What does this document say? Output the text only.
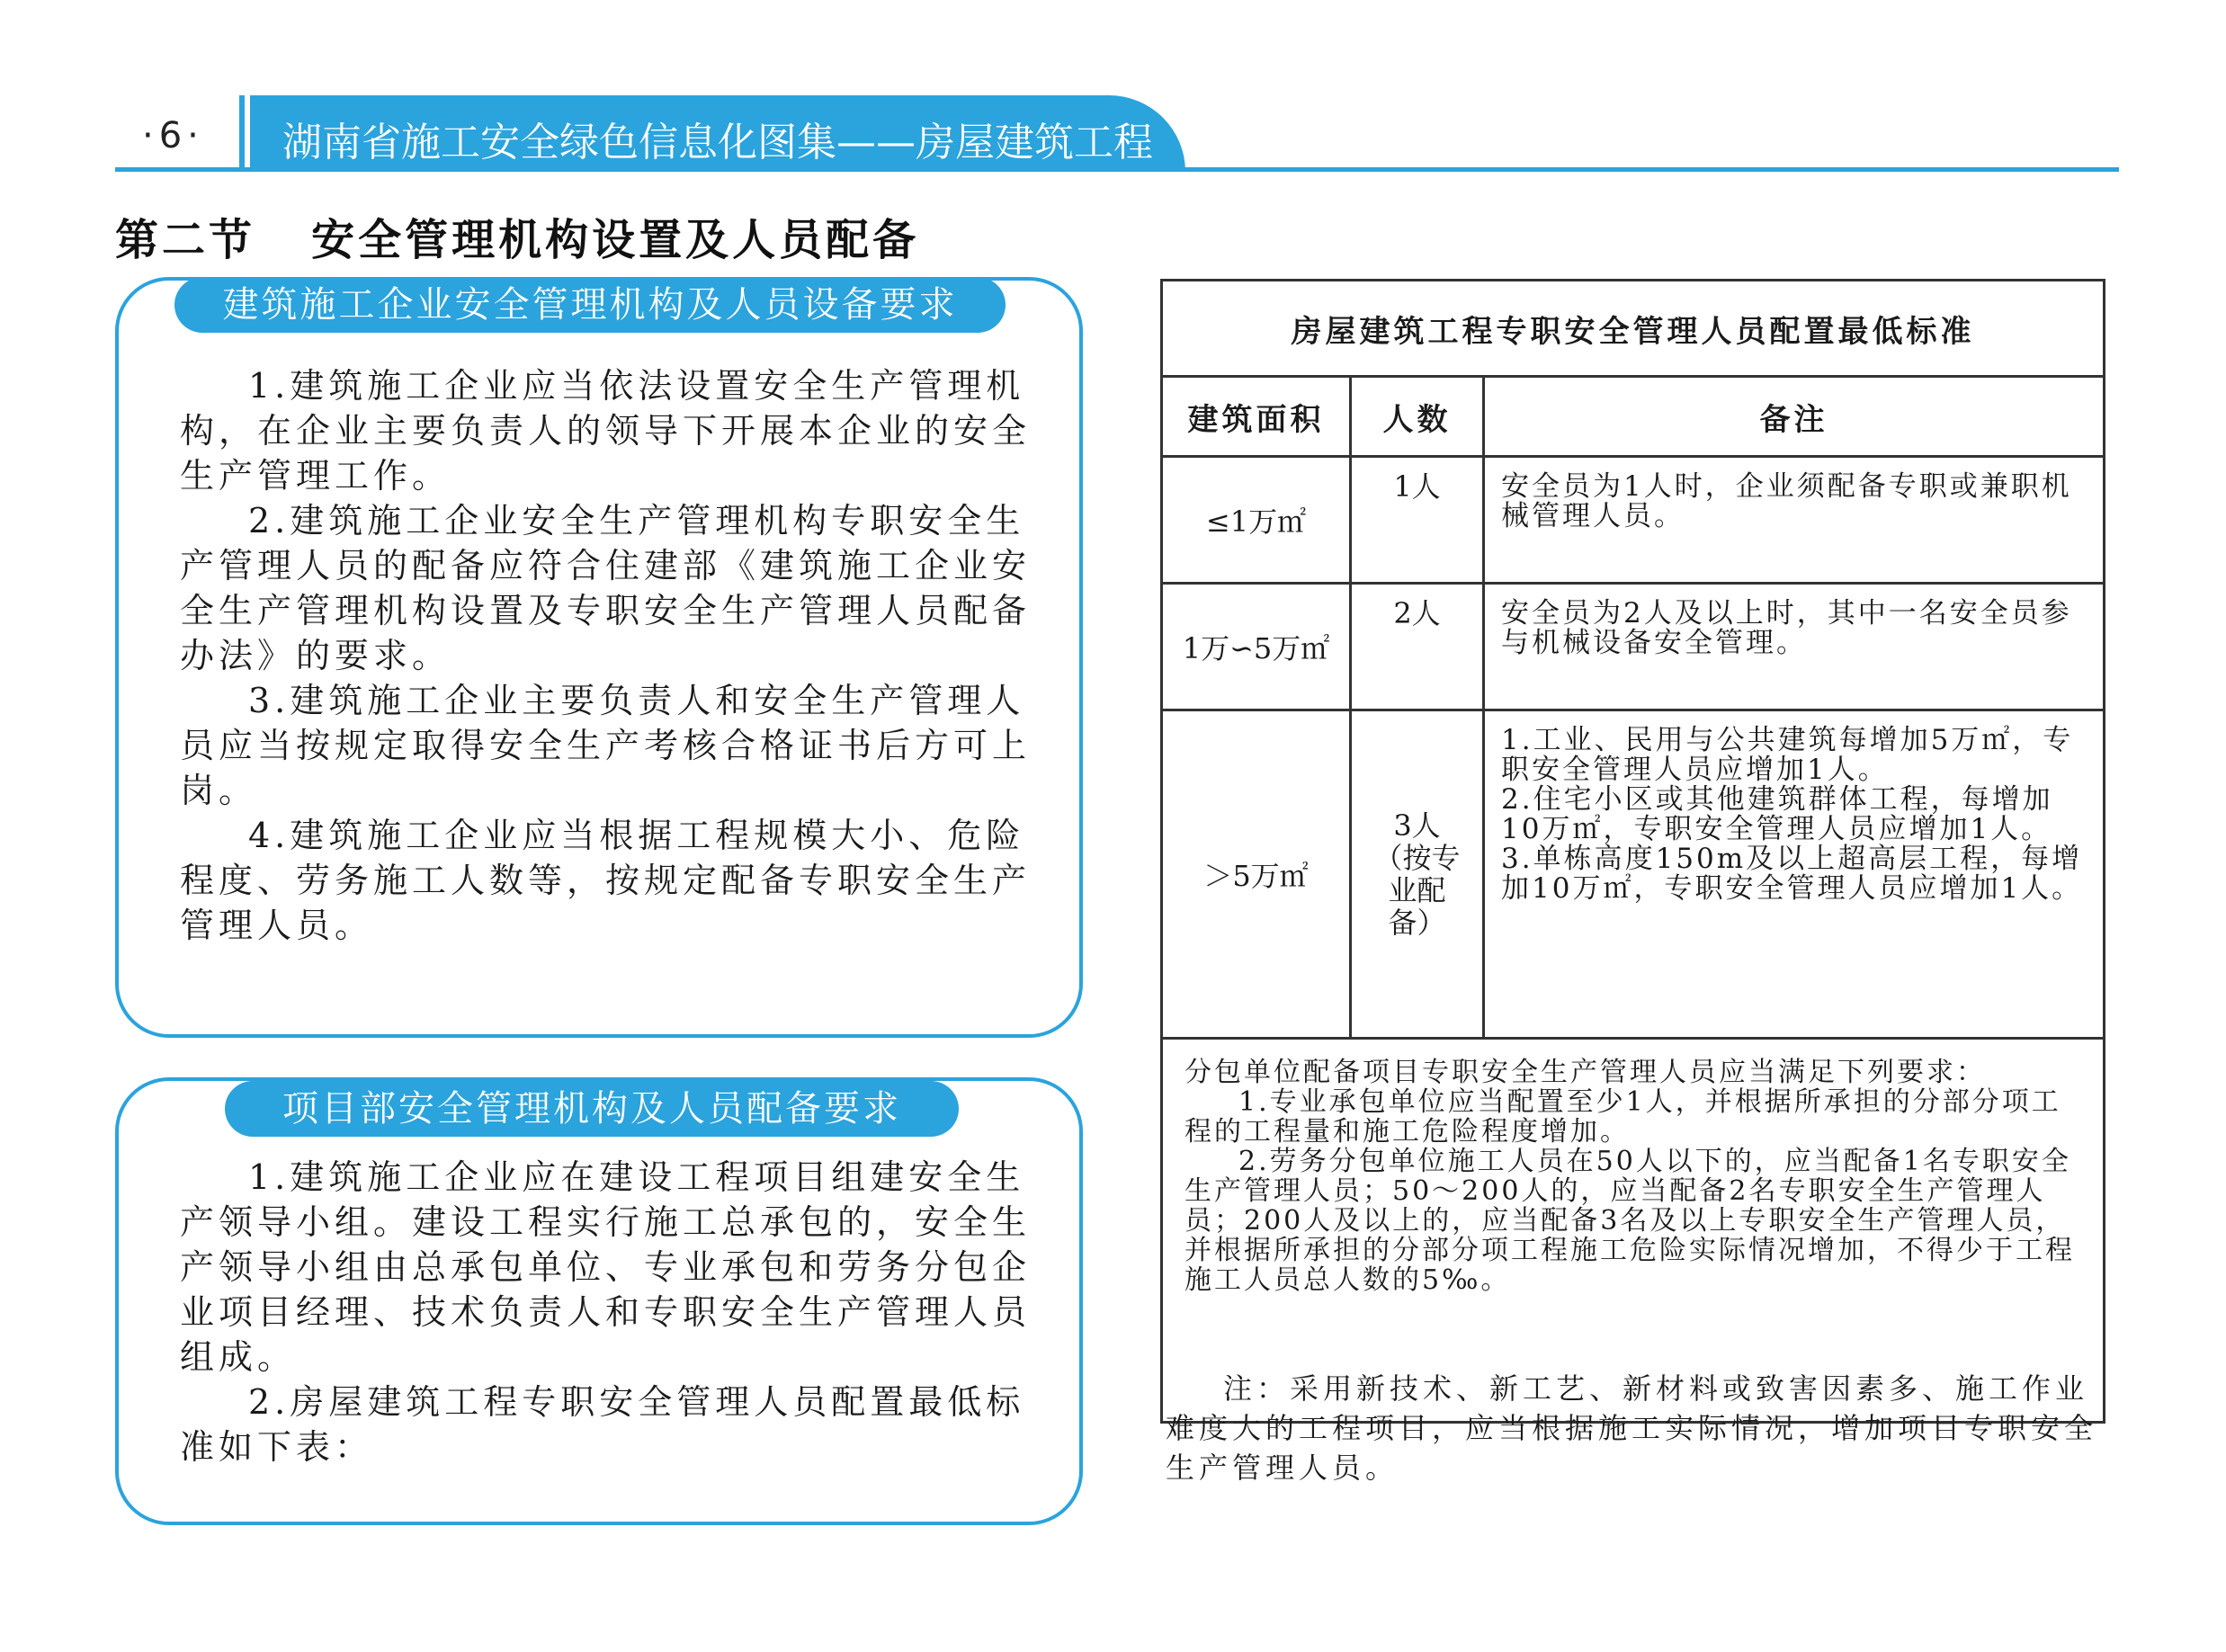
·6· 湖南省施工安全绿色信息化图集——房屋建筑工程
第二节   安全管理机构设置及人员配备
建筑施工企业安全管理机构及人员设备要求

1.建筑施工企业应当依法设置安全生产管理机构，在企业主要负责人的领导下开展本企业的安全生产管理工作。

2.建筑施工企业安全生产管理机构专职安全生产管理人员的配备应符合住建部《建筑施工企业安全生产管理机构设置及专职安全生产管理人员配备办法》的要求。

3.建筑施工企业主要负责人和安全生产管理人员应当按规定取得安全生产考核合格证书后方可上岗。

4.建筑施工企业应当根据工程规模大小、危险程度、劳务施工人数等，按规定配备专职安全生产管理人员。

项目部安全管理机构及人员配备要求

1.建筑施工企业应在建设工程项目组建安全生产领导小组。建设工程实行施工总承包的，安全生产领导小组由总承包单位、专业承包和劳务分包企业项目经理、技术负责人和专职安全生产管理人员组成。

2.房屋建筑工程专职安全管理人员配置最低标准如下表：

房屋建筑工程专职安全管理人员配置最低标准		
建筑面积	人数	备注
≤1万㎡	1人	安全员为1人时，企业须配备专职或兼职机械管理人员。

1万∽5万㎡	2人	安全员为2人及以上时，其中一名安全员参与机械设备安全管理。

＞5万㎡	3人（按专业配备）	1.工业、民用与公共建筑每增加5万㎡，专职安全管理人员应增加1人。

2.住宅小区或其他建筑群体工程，每增加10万㎡，专职安全管理人员应增加1人。

3.单栋高度150m及以上超高层工程，每增加10万㎡，专职安全管理人员应增加1人。

分包单位配备项目专职安全生产管理人员应当满足下列要求：

1.专业承包单位应当配置至少1人，并根据所承担的分部分项工程的工程量和施工危险程度增加。

2.劳务分包单位施工人员在50人以下的，应当配备1名专职安全生产管理人员；50～200人的，应当配备2名专职安全生产管理人员；200人及以上的，应当配备3名及以上专职安全生产管理人员，并根据所承担的分部分项工程施工危险实际情况增加，不得少于工程施工人员总人数的5‰。		

注：采用新技术、新工艺、新材料或致害因素多、施工作业难度大的工程项目，应当根据施工实际情况，增加项目专职安全生产管理人员。
